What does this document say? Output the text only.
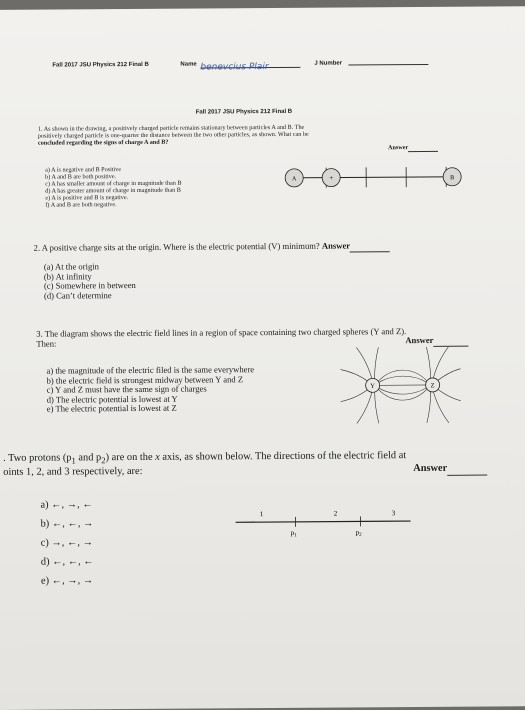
Fall 2017 JSU Physics 212 Final B	Name benevcius Plair	J Number
Fall 2017 JSU Physics 212 Final B
1. As shown in the drawing, a positively charged particle remains stationary between particles A and B. The
positively charged particle is one-quarter the distance between the two other particles, as shown. What can be
concluded regarding the signs of charge A and B?
Answer
a) A is negative and B Positive
b) A and B are both positive.
c) A has smaller amount of charge in magnitude than B
d) A has greater amount of charge in magnitude than B
e) A is positive and B is negative.
f) A and B are both negative.
A	+	B
2. A positive charge sits at the origin. Where is the electric potential (V) minimum? Answer
(a) At the origin
(b) At infinity
(c) Somewhere in between
(d) Can’t determine
3. The diagram shows the electric field lines in a region of space containing two charged spheres (Y and Z).
Then:	Answer
a) the magnitude of the electric filed is the same everywhere
b) the electric field is strongest midway between Y and Z
c) Y and Z must have the same sign of charges
d) The electric potential is lowest at Y
e) The electric potential is lowest at Z
Y	Z
. Two protons ($p_1$ and $p_2$) are on the x axis, as shown below. The directions of the electric field at
oints 1, 2, and 3 respectively, are:	Answer
a) ←, →, ←
b) ←, ←, →
c) →, ←, →
d) ←, ←, ←
e) ←, →, →
1	2	3
$p_1$	$p_2$
